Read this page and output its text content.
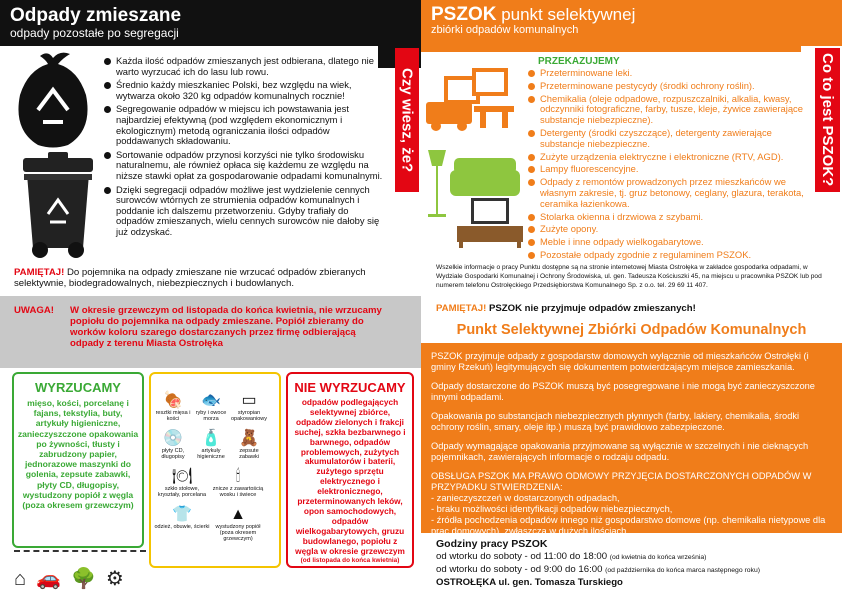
Odpady zmieszane
odpady pozostałe po segregacji
Każda ilość odpadów zmieszanych jest odbierana, dlatego nie warto wyrzucać ich do lasu lub rowu.
Średnio każdy mieszkaniec Polski, bez względu na wiek, wytwarza około 320 kg odpadów komunalnych rocznie!
Segregowanie odpadów w miejscu ich powstawania jest najbardziej efektywną (pod względem ekonomicznym i ekologicznym) metodą ograniczania ilości odpadów poddawanych składowaniu.
Sortowanie odpadów przynosi korzyści nie tylko środowisku naturalnemu, ale również opłaca się każdemu ze względu na niższe stawki opłat za gospodarowanie odpadami komunalnymi.
Dzięki segregacji odpadów możliwe jest wydzielenie cennych surowców wtórnych ze strumienia odpadów komunalnych i poddanie ich dalszemu przetworzeniu. Gdyby trafiały do odpadów zmieszanych, wielu cennych surowców nie dałoby się już odzyskać.
Czy wiesz, że?
PAMIĘTAJ! Do pojemnika na odpady zmieszane nie wrzucać odpadów zbieranych selektywnie, biodegradowalnych, niebezpiecznych i budowlanych.
UWAGA!	W okresie grzewczym od listopada do końca kwietnia, nie wrzucamy popiołu do pojemnika na odpady zmieszane. Popiół zbieramy do worków koloru szarego dostarczanych przez firmę odbierającą odpady z terenu Miasta Ostrołęka
WYRZUCAMY
mięso, kości, porcelanę i fajans, tekstylia, buty, artykuły higieniczne, zanieczyszczone opakowania po żywności, tłusty i zabrudzony papier, jednorazowe maszynki do golenia, zepsute zabawki, płyty CD, długopisy, wystudzony popiół z węgla
(poza okresem grzewczym)
🍖
resztki mięsa i kości
🐟
ryby i owoce morza
▭
styropian opakowaniowy
💿
płyty CD, długopisy
🧴
artykuły higieniczne
🧸
zepsute zabawki
🍽
szkło stołowe, kryształy, porcelana
🕯
znicze z zawartością wosku i świece
👕
odzież, obuwie, ścierki
▲
wystudzony popiół (poza okresem grzewczym)
NIE WYRZUCAMY
odpadów podlegających selektywnej zbiórce, odpadów zielonych i frakcji suchej, szkła bezbarwnego i barwnego, odpadów problemowych, zużytych akumulatorów i baterii, zużytego sprzętu elektrycznego i elektronicznego, przeterminowanych leków, opon samochodowych, odpadów wielkogabarytowych, gruzu budowlanego, popiołu z węgla w okresie grzewczym
(od listopada do końca kwietnia)
⌂🚗🌳⚙
PSZOK punkt selektywnej
zbiórki odpadów komunalnych
Co to jest PSZOK?
PRZEKAZUJEMY
Przeterminowane leki.
Przeterminowane pestycydy (środki ochrony roślin).
Chemikalia (oleje odpadowe, rozpuszczalniki, alkalia, kwasy, odczynniki fotograficzne, farby, tusze, kleje, żywice zawierające substancje niebezpieczne).
Detergenty (środki czyszczące), detergenty zawierające substancje niebezpieczne.
Zużyte urządzenia elektryczne i elektroniczne (RTV, AGD).
Lampy fluorescencyjne.
Odpady z remontów prowadzonych przez mieszkańców we własnym zakresie, tj. gruz betonowy, ceglany, glazura, terakota, ceramika łazienkowa.
Stolarka okienna i drzwiowa z szybami.
Zużyte opony.
Meble i inne odpady wielkogabarytowe.
Pozostałe odpady zgodnie z regulaminem PSZOK.
Wszelkie informacje o pracy Punktu dostępne są na stronie internetowej Miasta Ostrołęka w zakładce gospodarka odpadami, w Wydziale Gospodarki Komunalnej i Ochrony Środowiska, ul. gen. Tadeusza Kościuszki 45, na miejscu u pracownika PSZOK lub pod numerem telefonu Ostrołęckiego Przedsiębiorstwa Komunalnego Sp. z o.o. tel. 29 69 11 407.
PAMIĘTAJ! PSZOK nie przyjmuje odpadów zmieszanych!
Punkt Selektywnej Zbiórki Odpadów Komunalnych

PSZOK przyjmuje odpady z gospodarstw domowych wyłącznie od mieszkańców Ostrołęki (i gminy Rzekuń) legitymujących się dokumentem potwierdzającym miejsce zamieszkania.

Odpady dostarczone do PSZOK muszą być posegregowane i nie mogą być zanieczyszczone innymi odpadami.

Opakowania po substancjach niebezpiecznych płynnych (farby, lakiery, chemikalia, środki ochrony roślin, smary, oleje itp.) muszą być prawidłowo zabezpieczone.

Odpady wymagające opakowania przyjmowane są wyłącznie w szczelnych i nie cieknących pojemnikach, zawierających informacje o rodzaju odpadu.

OBSŁUGA PSZOK MA PRAWO ODMOWY PRZYJĘCIA DOSTARCZONYCH ODPADÓW W PRZYPADKU STWIERDZENIA:
- zanieczyszczeń w dostarczonych odpadach,
- braku możliwości identyfikacji odpadów niebezpiecznych,
- źródła pochodzenia odpadów innego niż gospodarstwo domowe (np. chemikalia nietypowe dla prac domowych), zwłaszcza w dużych ilościach.
Godziny pracy PSZOK
od wtorku do soboty - od 11:00 do 18:00 (od kwietnia do końca września)
od wtorku do soboty - od 9:00 do 16:00 (od października do końca marca następnego roku)
OSTROŁĘKA ul. gen. Tomasza Turskiego
